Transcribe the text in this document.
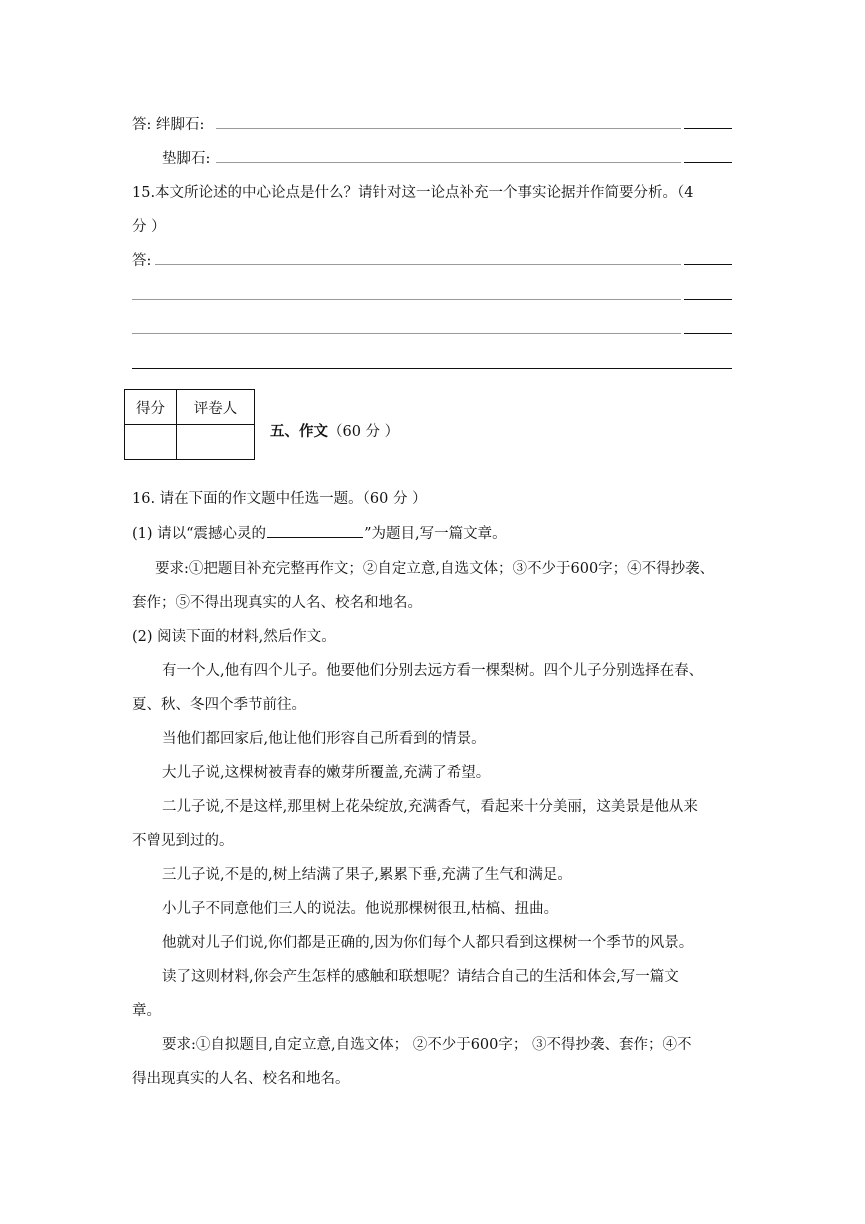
答: 绊脚石:
垫脚石:
15.本文所论述的中心论点是什么？请针对这一论点补充一个事实论据并作简要分析。（4
分 ）
答:
得分	评卷人

五、作文（60 分 ）
16. 请在下面的作文题中任选一题。（60 分 ）
(1) 请以“震撼心灵的	”为题目,写一篇文章。
要求:①把题目补充完整再作文；②自定立意,自选文体；③不少于600字；④不得抄袭、
套作；⑤不得出现真实的人名、校名和地名。
(2) 阅读下面的材料,然后作文。
有一个人,他有四个儿子。他要他们分别去远方看一棵梨树。四个儿子分别选择在春、
夏、秋、冬四个季节前往。
当他们都回家后,他让他们形容自己所看到的情景。
大儿子说,这棵树被青春的嫩芽所覆盖,充满了希望。
二儿子说,不是这样,那里树上花朵绽放,充满香气，看起来十分美丽，这美景是他从来
不曾见到过的。
三儿子说,不是的,树上结满了果子,累累下垂,充满了生气和满足。
小儿子不同意他们三人的说法。他说那棵树很丑,枯槁、扭曲。
他就对儿子们说,你们都是正确的,因为你们每个人都只看到这棵树一个季节的风景。
读了这则材料,你会产生怎样的感触和联想呢？请结合自己的生活和体会,写一篇文
章。
要求:①自拟题目,自定立意,自选文体； ②不少于600字； ③不得抄袭、套作；④不
得出现真实的人名、校名和地名。
